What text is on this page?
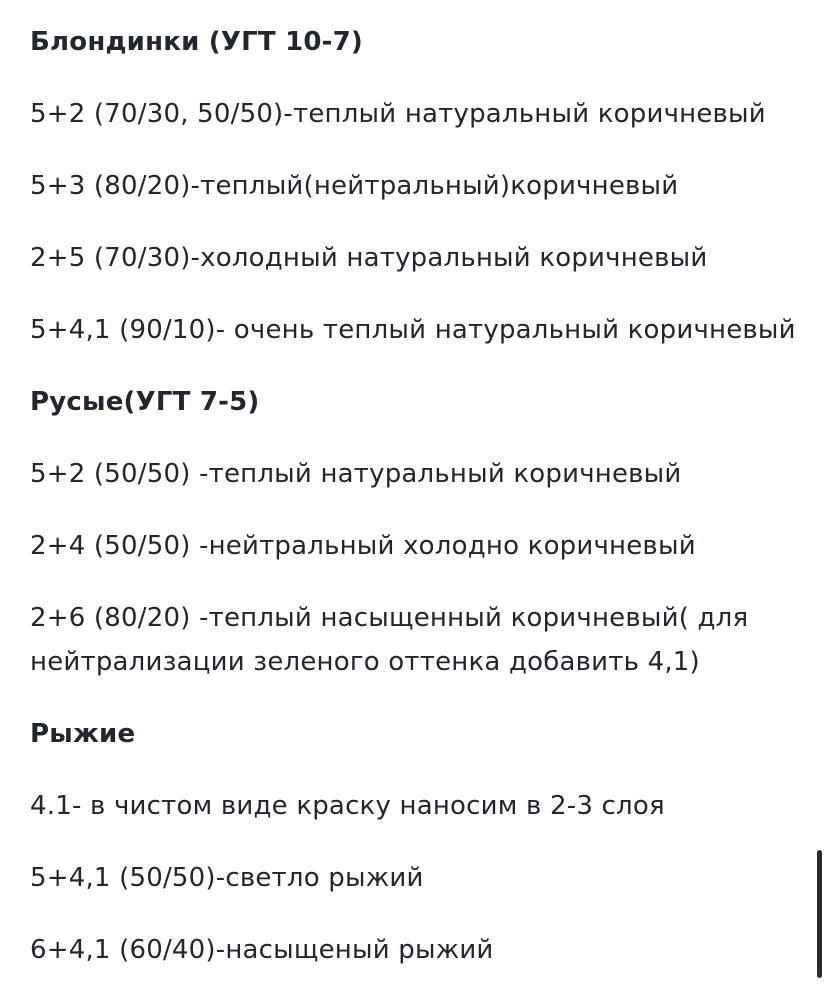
Блондинки (УГТ 10-7)
5+2 (70/30, 50/50)-теплый натуральный коричневый
5+3 (80/20)-теплый(нейтральный)коричневый
2+5 (70/30)-холодный натуральный коричневый
5+4,1 (90/10)- очень теплый натуральный коричневый
Русые(УГТ 7-5)
5+2 (50/50) -теплый натуральный коричневый
2+4 (50/50) -нейтральный холодно коричневый
2+6 (80/20) -теплый насыщенный коричневый( для нейтрализации зеленого оттенка добавить 4,1)
Рыжие
4.1- в чистом виде краску наносим в 2-3 слоя
5+4,1 (50/50)-светло рыжий
6+4,1 (60/40)-насыщеный рыжий
